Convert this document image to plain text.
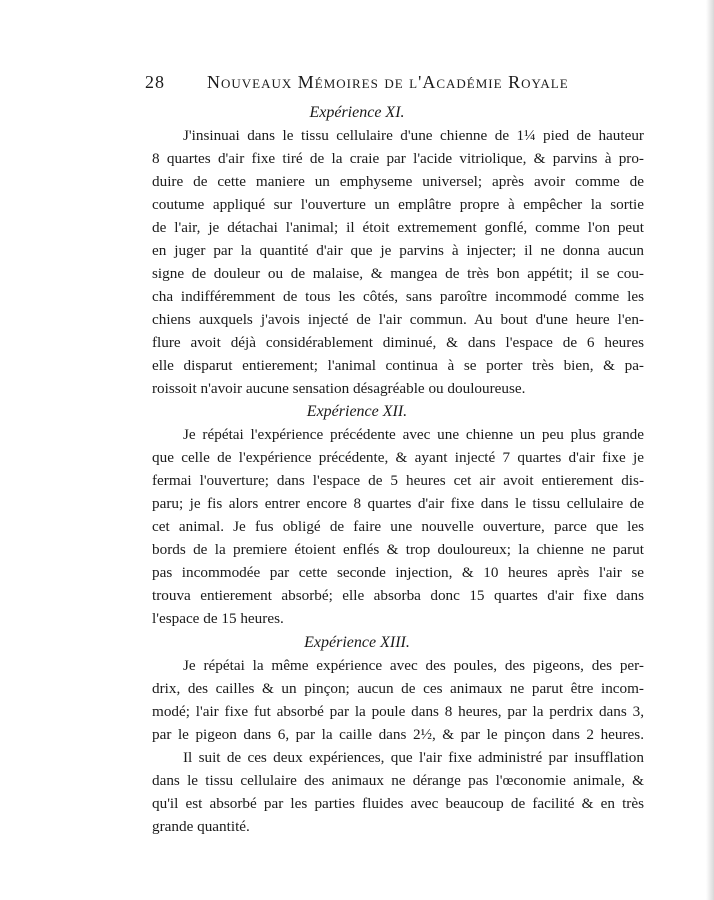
28 Nouveaux Mémoires de l'Académie Royale
Expérience XI.
J'insinuai dans le tissu cellulaire d'une chienne de 1¼ pied de hauteur
8 quartes d'air fixe tiré de la craie par l'acide vitriolique, & parvins à pro-
duire de cette maniere un emphyseme universel; après avoir comme de
coutume appliqué sur l'ouverture un emplâtre propre à empêcher la sortie
de l'air, je détachai l'animal; il étoit extremement gonflé, comme l'on peut
en juger par la quantité d'air que je parvins à injecter; il ne donna aucun
signe de douleur ou de malaise, & mangea de très bon appétit; il se cou-
cha indifféremment de tous les côtés, sans paroître incommodé comme les
chiens auxquels j'avois injecté de l'air commun. Au bout d'une heure l'en-
flure avoit déjà considérablement diminué, & dans l'espace de 6 heures
elle disparut entierement; l'animal continua à se porter très bien, & pa-
roissoit n'avoir aucune sensation désagréable ou douloureuse.
Expérience XII.
Je répétai l'expérience précédente avec une chienne un peu plus grande
que celle de l'expérience précédente, & ayant injecté 7 quartes d'air fixe je
fermai l'ouverture; dans l'espace de 5 heures cet air avoit entierement dis-
paru; je fis alors entrer encore 8 quartes d'air fixe dans le tissu cellulaire de
cet animal. Je fus obligé de faire une nouvelle ouverture, parce que les
bords de la premiere étoient enflés & trop douloureux; la chienne ne parut
pas incommodée par cette seconde injection, & 10 heures après l'air se
trouva entierement absorbé; elle absorba donc 15 quartes d'air fixe dans
l'espace de 15 heures.
Expérience XIII.
Je répétai la même expérience avec des poules, des pigeons, des per-
drix, des cailles & un pinçon; aucun de ces animaux ne parut être incom-
modé; l'air fixe fut absorbé par la poule dans 8 heures, par la perdrix dans 3,
par le pigeon dans 6, par la caille dans 2½, & par le pinçon dans 2 heures.
Il suit de ces deux expériences, que l'air fixe administré par insufflation
dans le tissu cellulaire des animaux ne dérange pas l'œconomie animale, &
qu'il est absorbé par les parties fluides avec beaucoup de facilité & en très
grande quantité.
